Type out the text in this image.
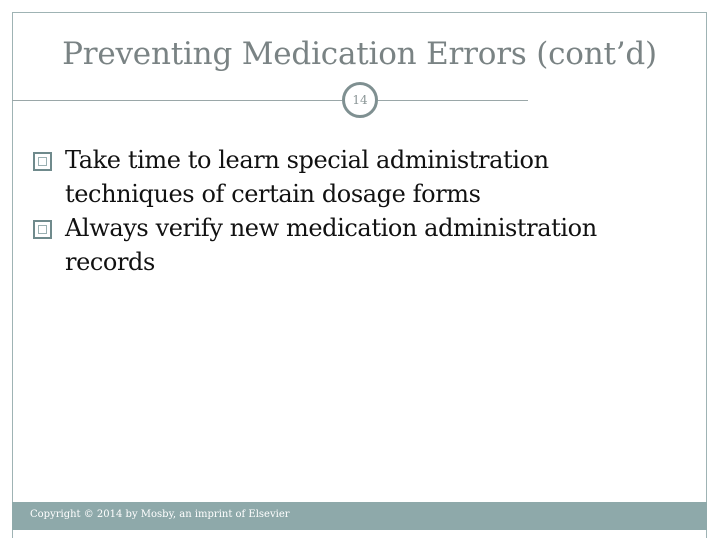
Preventing Medication Errors (cont’d)
14
Take time to learn special administration techniques of certain dosage forms
Always verify new medication administration records
Copyright © 2014 by Mosby, an imprint of Elsevier
